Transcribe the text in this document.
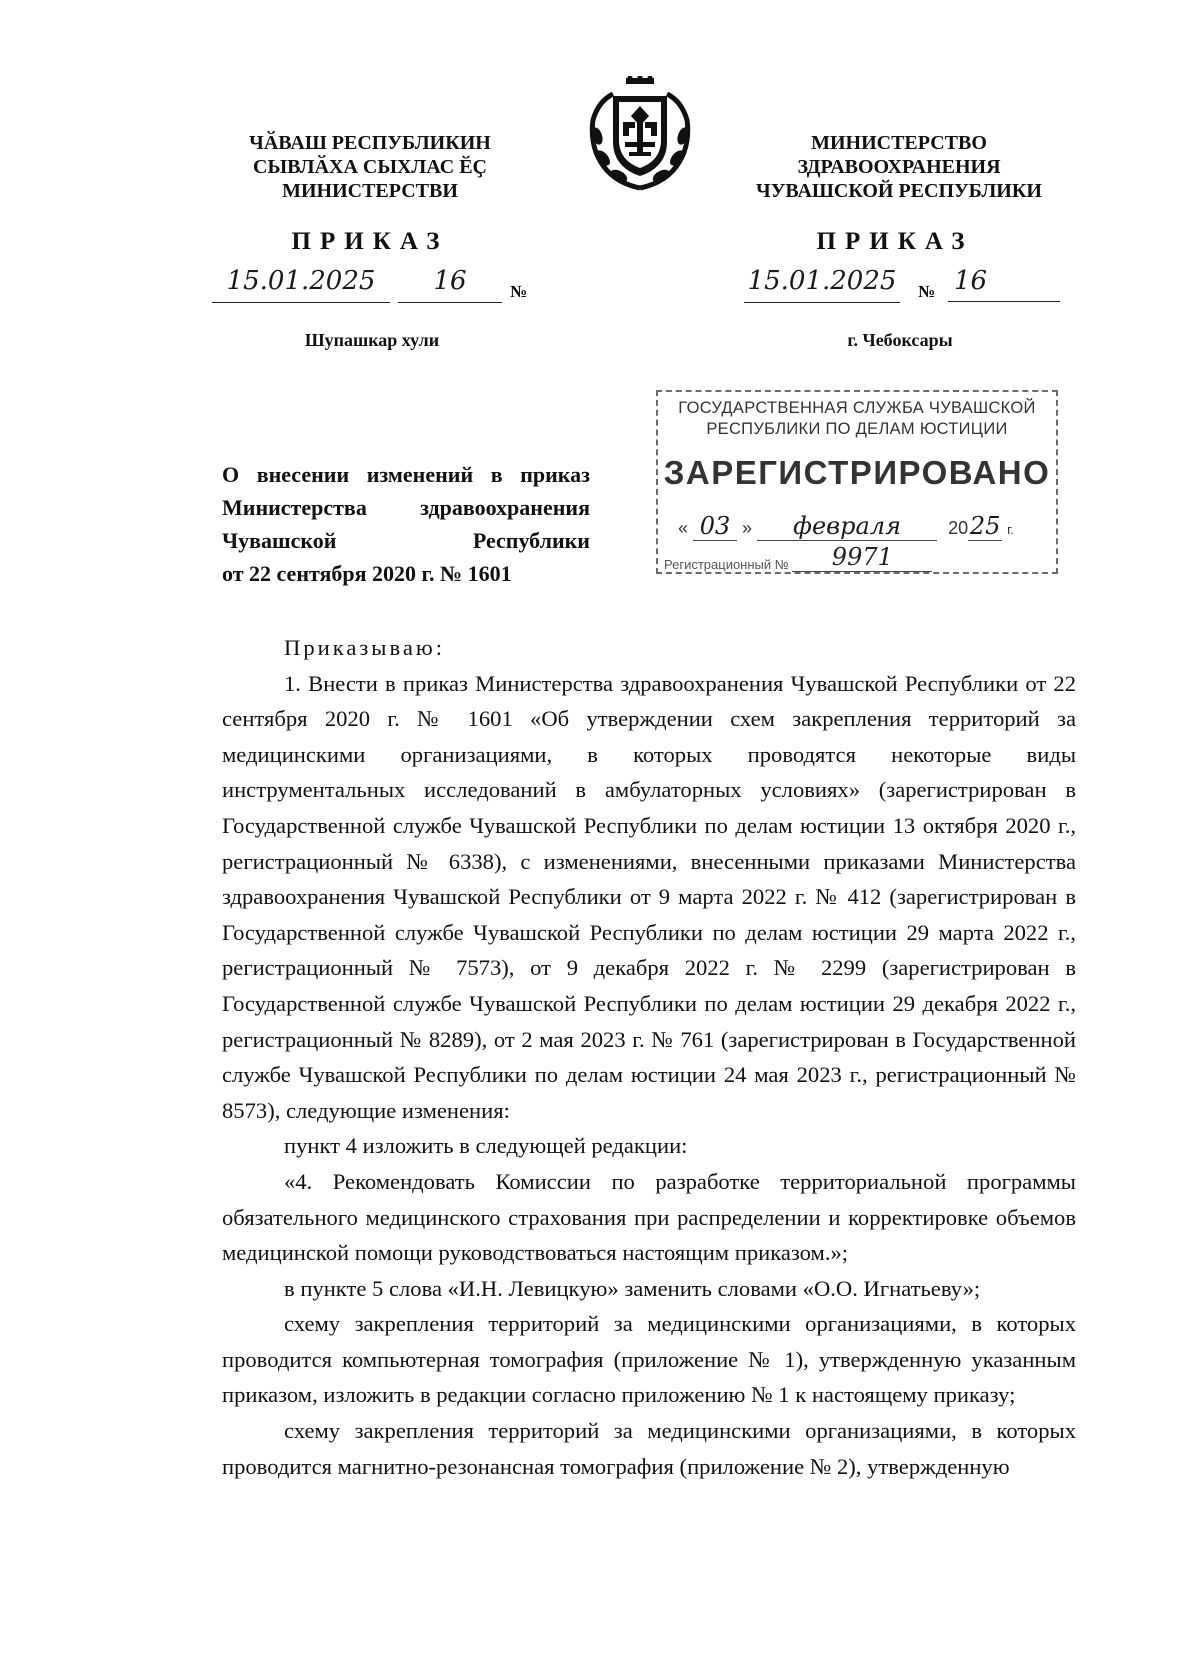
ЧӐВАШ РЕСПУБЛИКИН
СЫВЛӐХА СЫХЛАС ӖҪ
МИНИСТЕРСТВИ
МИНИСТЕРСТВО
ЗДРАВООХРАНЕНИЯ
ЧУВАШСКОЙ РЕСПУБЛИКИ
ПРИКАЗ	ПРИКАЗ
15.01.2025	16	№	15.01.2025 № 16
Шупашкар хули	г. Чебоксары
ГОСУДАРСТВЕННАЯ СЛУЖБА ЧУВАШСКОЙ
РЕСПУБЛИКИ ПО ДЕЛАМ ЮСТИЦИИ
ЗАРЕГИСТРИРОВАНО
« 03 » февраля	2025 г.
Регистрационный № 9971
О внесении изменений в приказ
Министерства здравоохранения
Чувашской Республики
от 22 сентября 2020 г. № 1601

Приказываю:

1. Внести в приказ Министерства здравоохранения Чувашской Республики от 22 сентября 2020 г. № 1601 «Об утверждении схем закрепления территорий за медицинскими организациями, в которых проводятся некоторые виды инструментальных исследований в амбулаторных условиях» (зарегистрирован в Государственной службе Чувашской Республики по делам юстиции 13 октября 2020 г., регистрационный № 6338), с изменениями, внесенными приказами Министерства здравоохранения Чувашской Республики от 9 марта 2022 г. № 412 (зарегистрирован в Государственной службе Чувашской Республики по делам юстиции 29 марта 2022 г., регистрационный № 7573), от 9 декабря 2022 г. № 2299 (зарегистрирован в Государственной службе Чувашской Республики по делам юстиции 29 декабря 2022 г., регистрационный № 8289), от 2 мая 2023 г. № 761 (зарегистрирован в Государственной службе Чувашской Республики по делам юстиции 24 мая 2023 г., регистрационный № 8573), следующие изменения:

пункт 4 изложить в следующей редакции:

«4. Рекомендовать Комиссии по разработке территориальной программы обязательного медицинского страхования при распределении и корректировке объемов медицинской помощи руководствоваться настоящим приказом.»;

в пункте 5 слова «И.Н. Левицкую» заменить словами «О.О. Игнатьеву»;

схему закрепления территорий за медицинскими организациями, в которых проводится компьютерная томография (приложение № 1), утвержденную указанным приказом, изложить в редакции согласно приложению № 1 к настоящему приказу;

схему закрепления территорий за медицинскими организациями, в которых проводится магнитно-резонансная томография (приложение № 2), утвержденную
